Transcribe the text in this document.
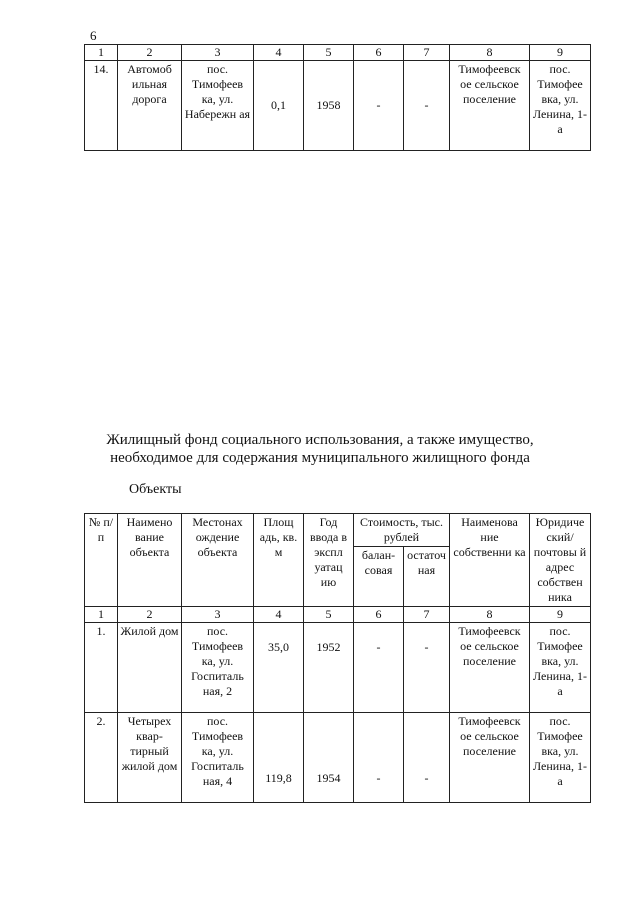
6
1	2	3	4	5	6	7	8	9
14.	Автомоб ильная дорога	пос. Тимофеев ка, ул. Набережн ая	0,1	1958	-	-	Тимофеевск ое сельское поселение	пос. Тимофее вка, ул. Ленина, 1-а
Жилищный фонд социального использования, а также имущество,
необходимое для содержания муниципального жилищного фонда
Объекты
№ п/п	Наимено вание объекта	Местонах ождение объекта	Площ адь, кв. м	Год ввода в экспл уатац ию	Стоимость, тыс. рублей		Наименова ние собственни ка	Юридиче ский/ почтовы й адрес собствен ника
					балан-совая	остаточ ная		
1	2	3	4	5	6	7	8	9
1.	Жилой дом	пос. Тимофеев ка, ул. Госпиталь ная, 2	35,0	1952	-	-	Тимофеевск ое сельское поселение	пос. Тимофее вка, ул. Ленина, 1-а
2.	Четырех квар-тирный жилой дом	пос. Тимофеев ка, ул. Госпиталь ная, 4	119,8	1954	-	-	Тимофеевск ое сельское поселение	пос. Тимофее вка, ул. Ленина, 1-а
